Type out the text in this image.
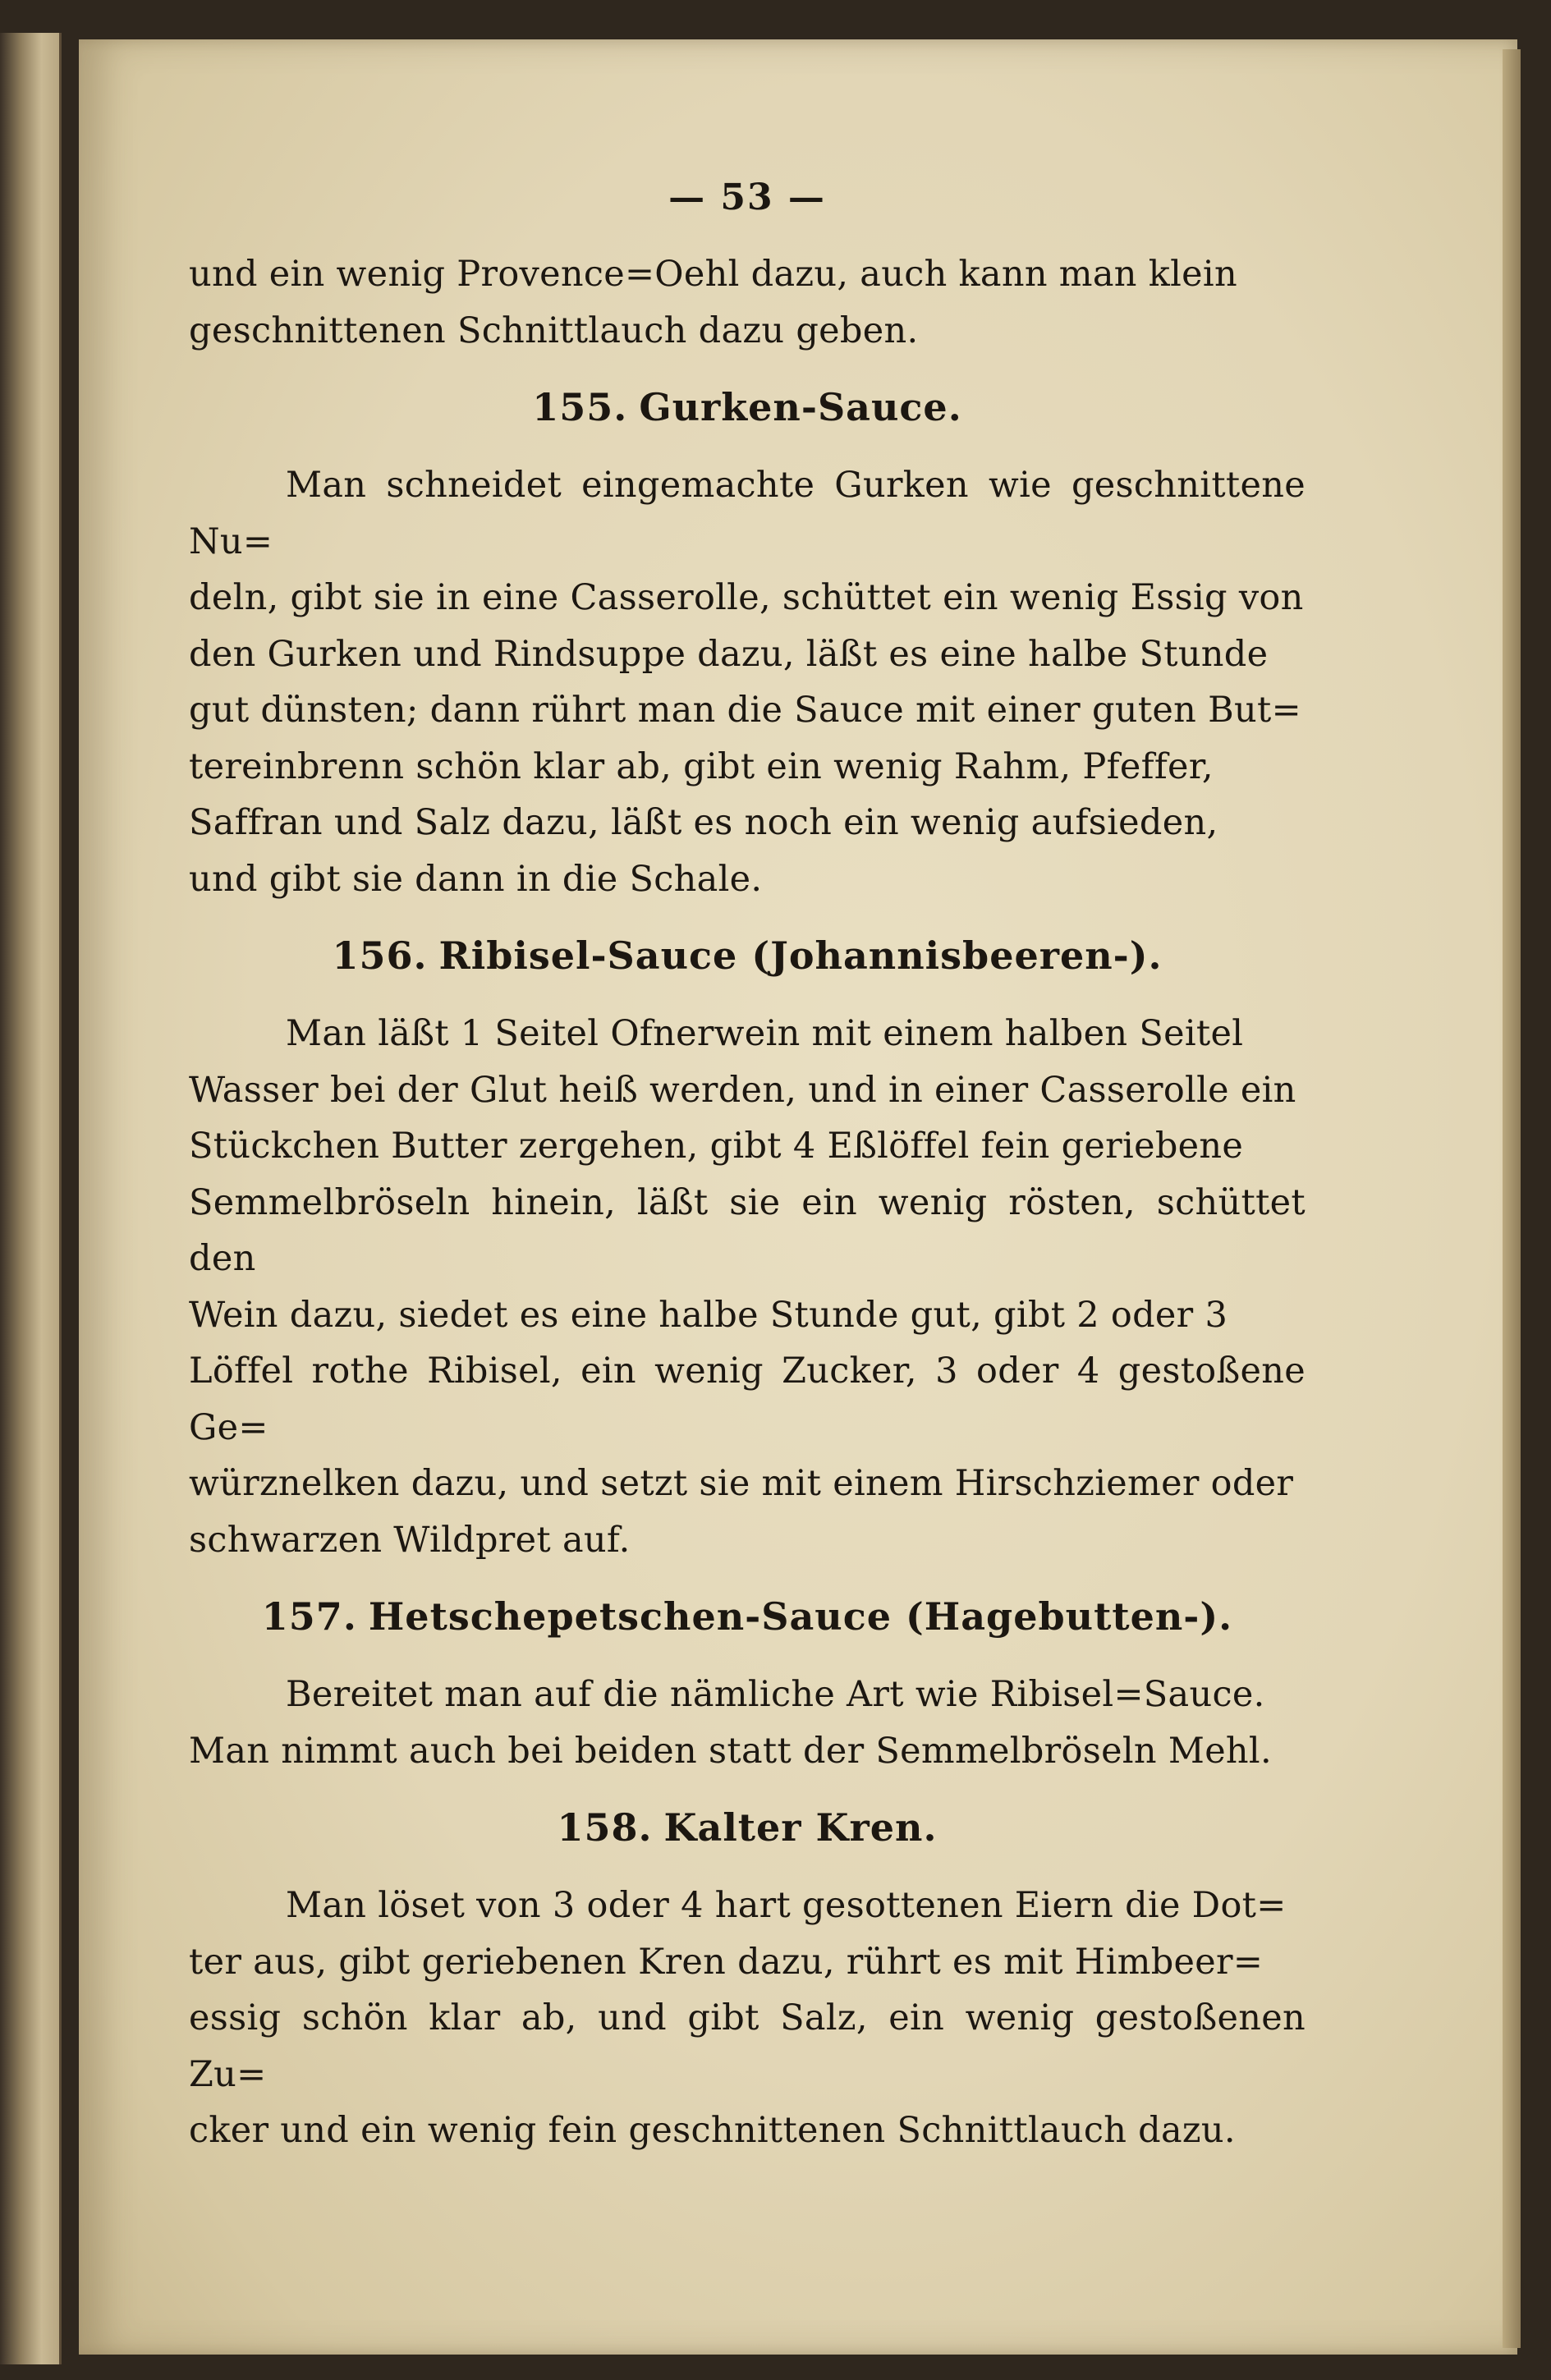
— 53 —
und ein wenig Provence=Oehl dazu, auch kann man klein
geschnittenen Schnittlauch dazu geben.
155. Gurken-Sauce.
Man schneidet eingemachte Gurken wie geschnittene Nu=
deln, gibt sie in eine Casserolle, schüttet ein wenig Essig von
den Gurken und Rindsuppe dazu, läßt es eine halbe Stunde
gut dünsten; dann rührt man die Sauce mit einer guten But=
tereinbrenn schön klar ab, gibt ein wenig Rahm, Pfeffer,
Saffran und Salz dazu, läßt es noch ein wenig aufsieden,
und gibt sie dann in die Schale.
156. Ribisel-Sauce (Johannisbeeren-).
Man läßt 1 Seitel Ofnerwein mit einem halben Seitel
Wasser bei der Glut heiß werden, und in einer Casserolle ein
Stückchen Butter zergehen, gibt 4 Eßlöffel fein geriebene
Semmelbröseln hinein, läßt sie ein wenig rösten, schüttet den
Wein dazu, siedet es eine halbe Stunde gut, gibt 2 oder 3
Löffel rothe Ribisel, ein wenig Zucker, 3 oder 4 gestoßene Ge=
würznelken dazu, und setzt sie mit einem Hirschziemer oder
schwarzen Wildpret auf.
157. Hetschepetschen-Sauce (Hagebutten-).
Bereitet man auf die nämliche Art wie Ribisel=Sauce.
Man nimmt auch bei beiden statt der Semmelbröseln Mehl.
158. Kalter Kren.
Man löset von 3 oder 4 hart gesottenen Eiern die Dot=
ter aus, gibt geriebenen Kren dazu, rührt es mit Himbeer=
essig schön klar ab, und gibt Salz, ein wenig gestoßenen Zu=
cker und ein wenig fein geschnittenen Schnittlauch dazu.
